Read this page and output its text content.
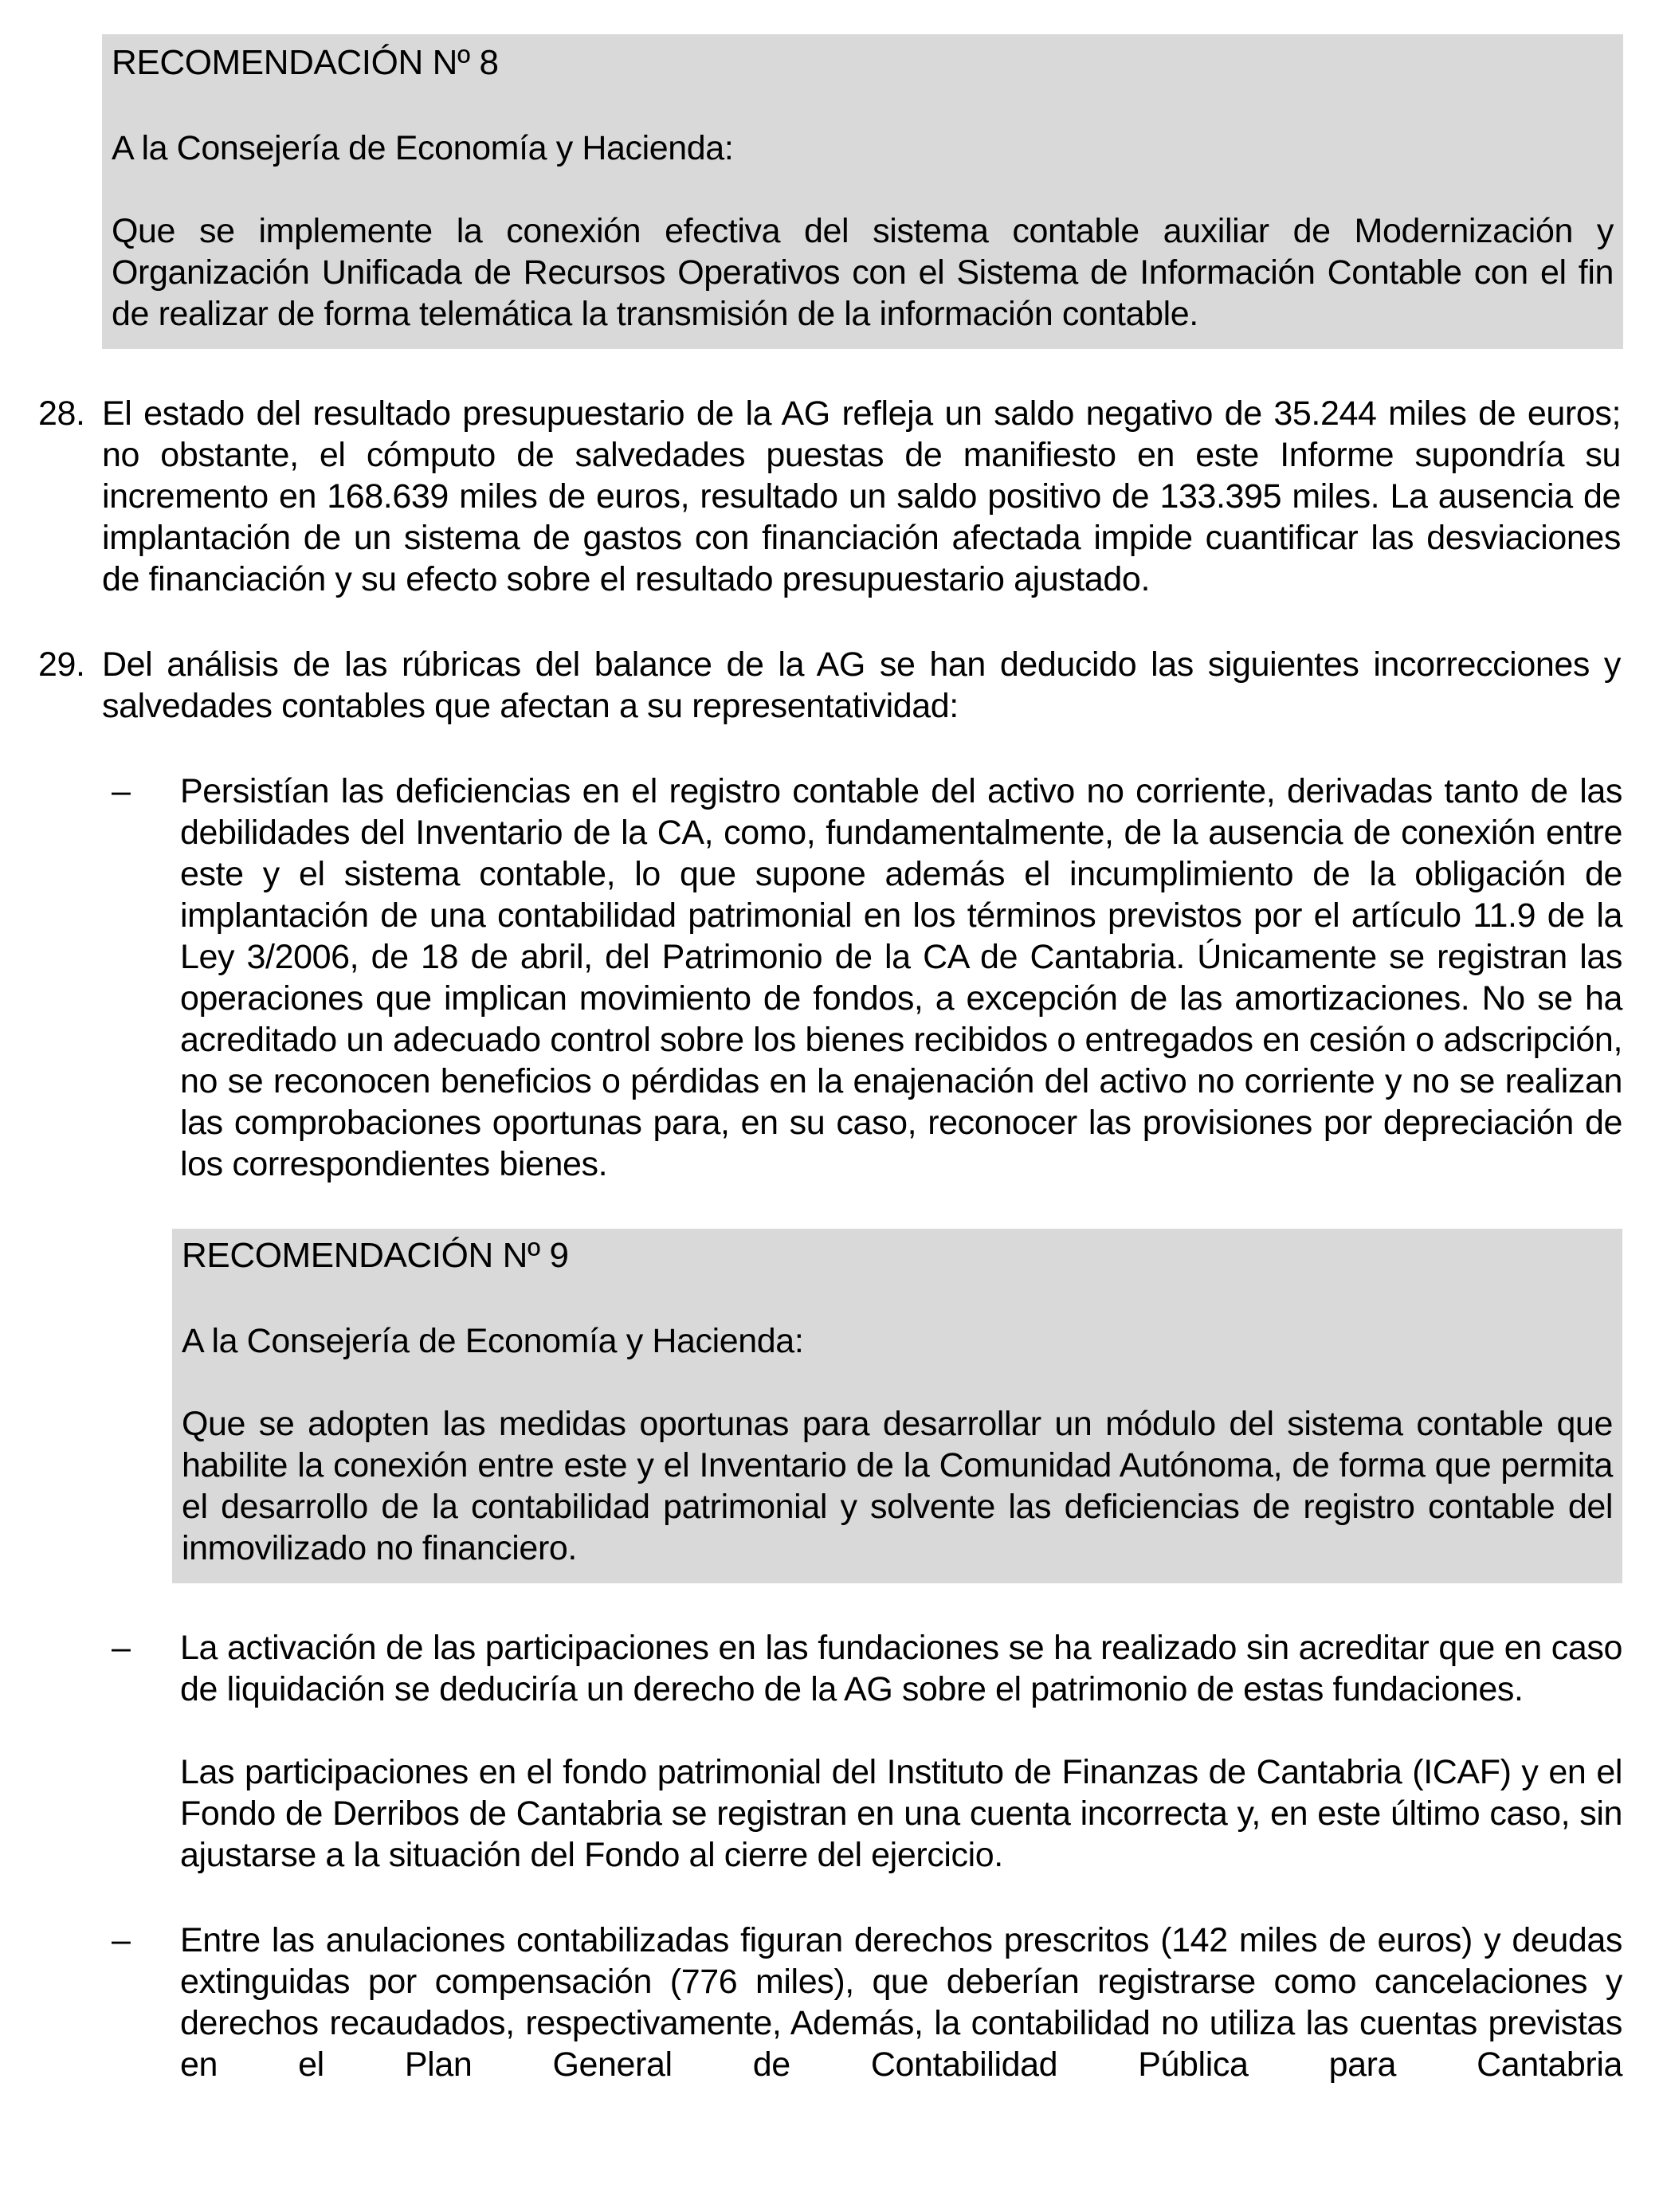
RECOMENDACIÓN Nº 8

A la Consejería de Economía y Hacienda:

Que se implemente la conexión efectiva del sistema contable auxiliar de Modernización y Organización Unificada de Recursos Operativos con el Sistema de Información Contable con el fin de realizar de forma telemática la transmisión de la información contable.

28. El estado del resultado presupuestario de la AG refleja un saldo negativo de 35.244 miles de euros; no obstante, el cómputo de salvedades puestas de manifiesto en este Informe supondría su incremento en 168.639 miles de euros, resultado un saldo positivo de 133.395 miles. La ausencia de implantación de un sistema de gastos con financiación afectada impide cuantificar las desviaciones de financiación y su efecto sobre el resultado presupuestario ajustado.

29. Del análisis de las rúbricas del balance de la AG se han deducido las siguientes incorrecciones y salvedades contables que afectan a su representatividad:

–	Persistían las deficiencias en el registro contable del activo no corriente, derivadas tanto de las debilidades del Inventario de la CA, como, fundamentalmente, de la ausencia de conexión entre este y el sistema contable, lo que supone además el incumplimiento de la obligación de implantación de una contabilidad patrimonial en los términos previstos por el artículo 11.9 de la Ley 3/2006, de 18 de abril, del Patrimonio de la CA de Cantabria. Únicamente se registran las operaciones que implican movimiento de fondos, a excepción de las amortizaciones. No se ha acreditado un adecuado control sobre los bienes recibidos o entregados en cesión o adscripción, no se reconocen beneficios o pérdidas en la enajenación del activo no corriente y no se realizan las comprobaciones oportunas para, en su caso, reconocer las provisiones por depreciación de los correspondientes bienes.

RECOMENDACIÓN Nº 9

A la Consejería de Economía y Hacienda:

Que se adopten las medidas oportunas para desarrollar un módulo del sistema contable que habilite la conexión entre este y el Inventario de la Comunidad Autónoma, de forma que permita el desarrollo de la contabilidad patrimonial y solvente las deficiencias de registro contable del inmovilizado no financiero.

–	La activación de las participaciones en las fundaciones se ha realizado sin acreditar que en caso de liquidación se deduciría un derecho de la AG sobre el patrimonio de estas fundaciones.

Las participaciones en el fondo patrimonial del Instituto de Finanzas de Cantabria (ICAF) y en el Fondo de Derribos de Cantabria se registran en una cuenta incorrecta y, en este último caso, sin ajustarse a la situación del Fondo al cierre del ejercicio.

–	Entre las anulaciones contabilizadas figuran derechos prescritos (142 miles de euros) y deudas extinguidas por compensación (776 miles), que deberían registrarse como cancelaciones y derechos recaudados, respectivamente, Además, la contabilidad no utiliza las cuentas previstas en el Plan General de Contabilidad Pública para Cantabria
